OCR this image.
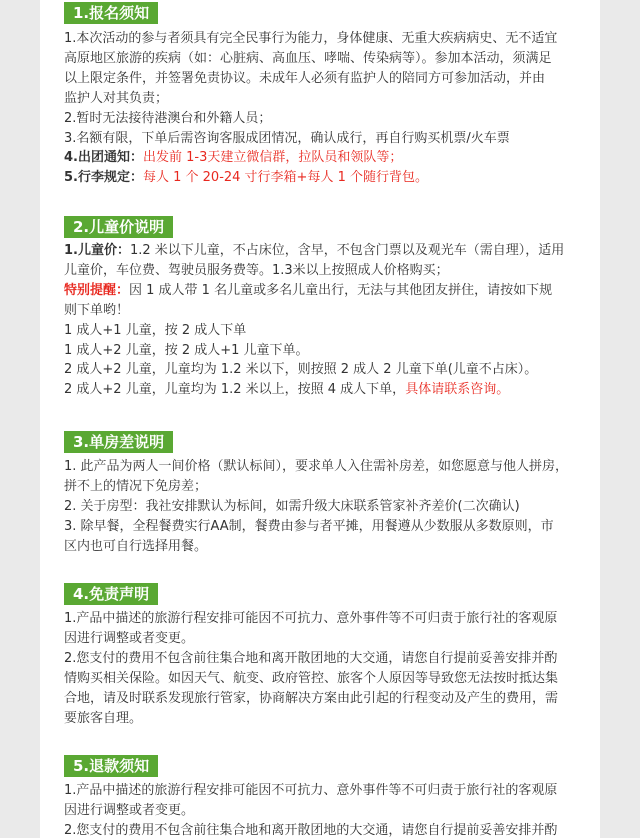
1.报名须知
1.本次活动的参与者须具有完全民事行为能力，身体健康、无重大疾病病史、无不适宜
高原地区旅游的疾病（如：心脏病、高血压、哮喘、传染病等）。参加本活动，须满足
以上限定条件，并签署免责协议。未成年人必须有监护人的陪同方可参加活动，并由
监护人对其负责；
2.暂时无法接待港澳台和外籍人员；
3.名额有限，下单后需咨询客服成团情况，确认成行，再自行购买机票/火车票
4.出团通知：出发前 1-3天建立微信群，拉队员和领队等；
5.行李规定：每人 1 个 20-24 寸行李箱+每人 1 个随行背包。
2.儿童价说明
1.儿童价：1.2 米以下儿童，不占床位，含早，不包含门票以及观光车（需自理），适用
儿童价，车位费、驾驶员服务费等。1.3米以上按照成人价格购买；
特别提醒：因 1 成人带 1 名儿童或多名儿童出行，无法与其他团友拼住，请按如下规
则下单哟！
1 成人+1 儿童，按 2 成人下单
1 成人+2 儿童，按 2 成人+1 儿童下单。
2 成人+2 儿童，儿童均为 1.2 米以下，则按照 2 成人 2 儿童下单(儿童不占床）。
2 成人+2 儿童，儿童均为 1.2 米以上，按照 4 成人下单，具体请联系咨询。
3.单房差说明
1. 此产品为两人一间价格（默认标间），要求单人入住需补房差，如您愿意与他人拼房，
拼不上的情况下免房差；
2. 关于房型：我社安排默认为标间，如需升级大床联系管家补齐差价(二次确认)
3. 除早餐，全程餐费实行AA制，餐费由参与者平摊，用餐遵从少数服从多数原则，市
区内也可自行选择用餐。
4.免责声明
1.产品中描述的旅游行程安排可能因不可抗力、意外事件等不可归责于旅行社的客观原
因进行调整或者变更。
2.您支付的费用不包含前往集合地和离开散团地的大交通，请您自行提前妥善安排并酌
情购买相关保险。如因天气、航变、政府管控、旅客个人原因等导致您无法按时抵达集
合地，请及时联系发现旅行管家，协商解决方案由此引起的行程变动及产生的费用，需
要旅客自理。
5.退款须知
1.产品中描述的旅游行程安排可能因不可抗力、意外事件等不可归责于旅行社的客观原
因进行调整或者变更。
2.您支付的费用不包含前往集合地和离开散团地的大交通，请您自行提前妥善安排并酌
